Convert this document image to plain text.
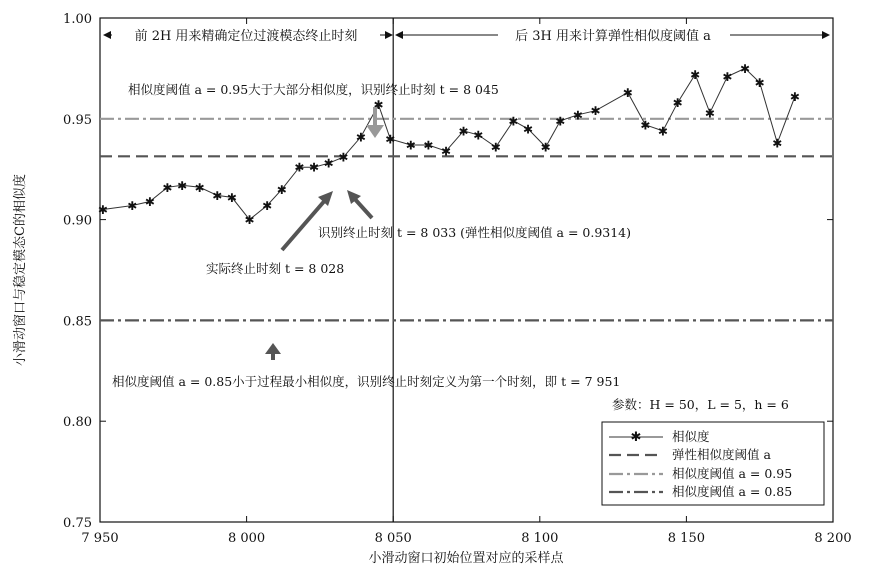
前 2H 用来精确定位过渡模态终止时刻	后 3H 用来计算弹性相似度阈值 a
7 950	8 000	8 050	8 100	8 150	8 200
0.75
0.80
0.85
0.90
0.95
1.00
✱ ✱ ✱
✱ ✱ ✱
✱ ✱
✱
✱
✱
✱ ✱ ✱ ✱
✱
✱
✱ ✱ ✱ ✱
✱ ✱
✱
✱
✱
✱
✱ ✱ ✱
✱
✱ ✱
✱
✱
✱
✱
✱
✱
✱
✱
相似度阈值 a = 0.95大于大部分相似度，识别终止时刻 t = 8 045
识别终止时刻 t = 8 033 (弹性相似度阈值 a = 0.9314)
实际终止时刻 t = 8 028
相似度阈值 a = 0.85小于过程最小相似度，识别终止时刻定义为第一个时刻，即 t = 7 951
参数：H = 50，L = 5，h = 6
✱ 相似度
弹性相似度阈值 a
相似度阈值 a = 0.95
相似度阈值 a = 0.85
小滑动窗口初始位置对应的采样点
小滑动窗口与稳定模态C的相似度
